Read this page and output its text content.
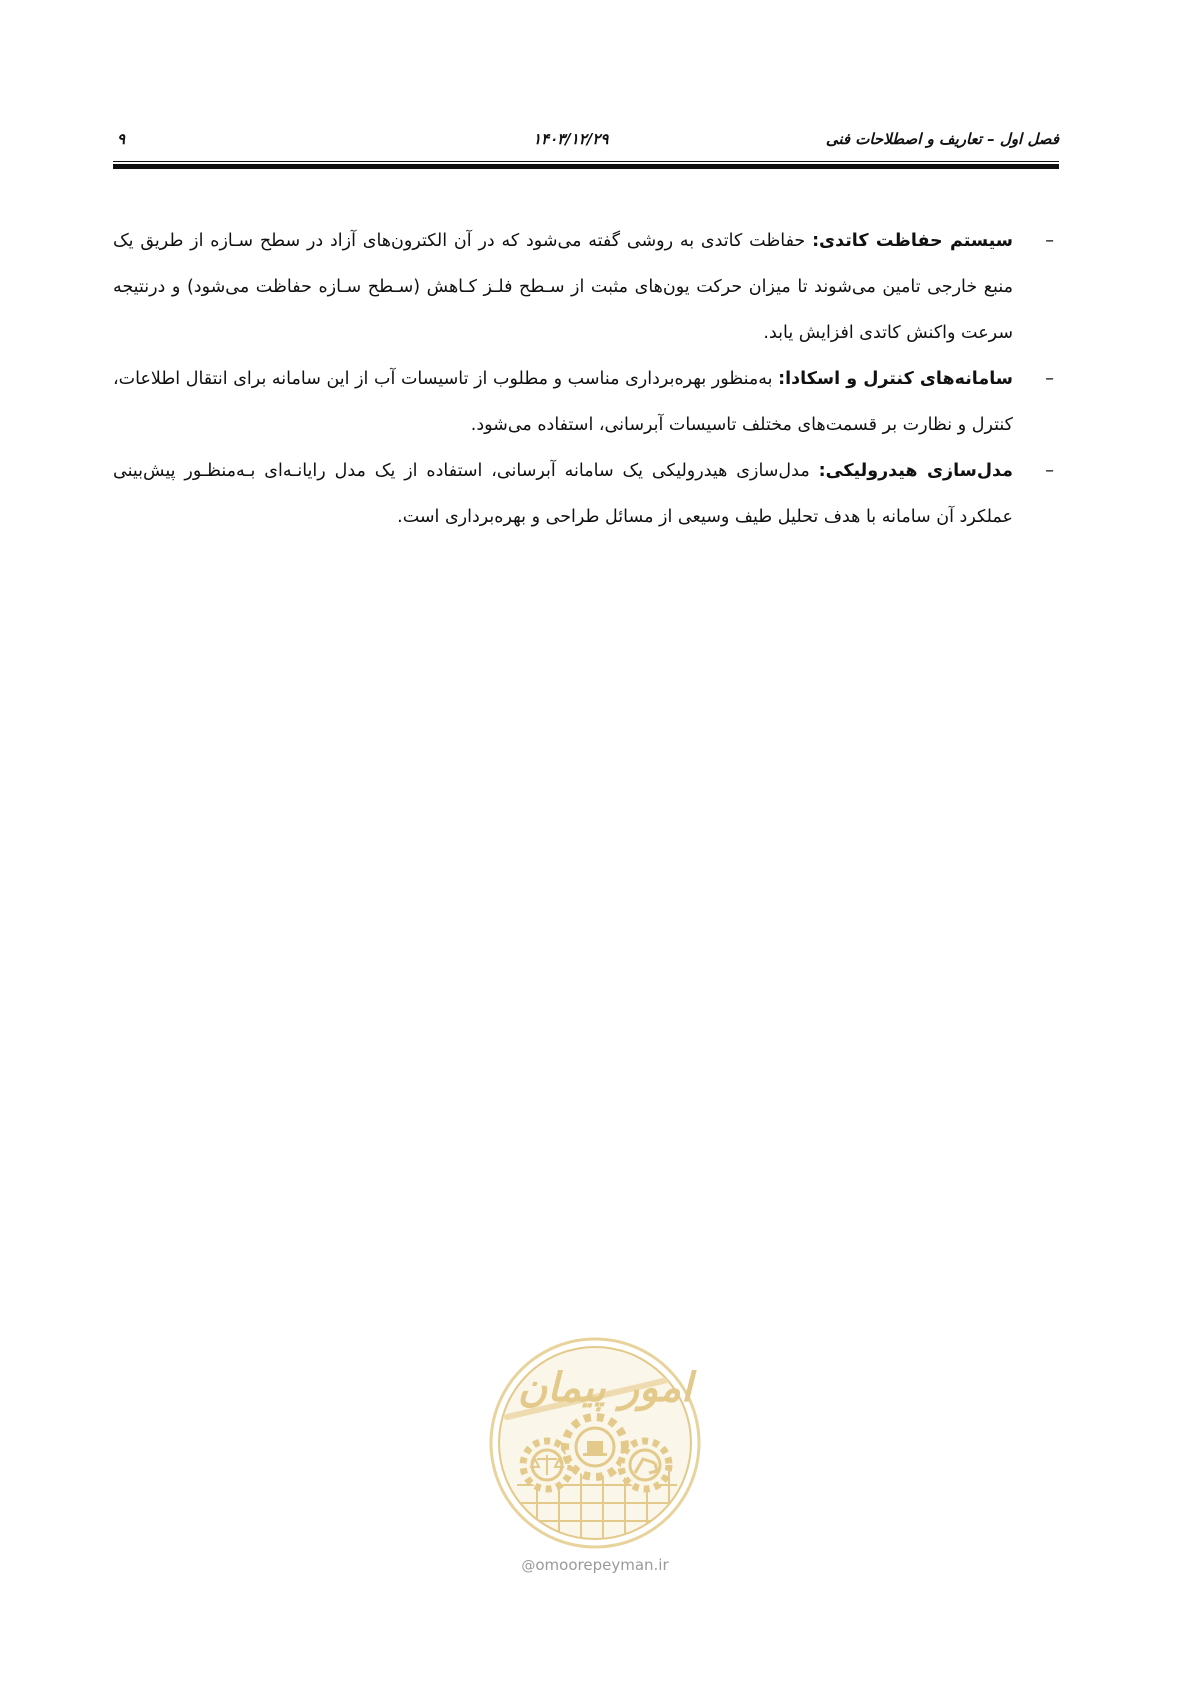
فصل اول – تعاریف و اصطلاحات فنی
۱۴۰۳/۱۲/۲۹
۹
–
سیستم حفاظت کاتدی: حفاظت کاتدی به روشی گفته می‌شود که در آن الکترون‌های آزاد در سطح سـازه از طریق یک منبع خارجی تامین می‌شوند تا میزان حرکت یون‌های مثبت از سـطح فلـز کـاهش (سـطح سـازه حفاظت می‌شود) و درنتیجه سرعت واکنش کاتدی افزایش یابد.
–
سامانه‌های کنترل و اسکادا: به‌منظور بهره‌برداری مناسب و مطلوب از تاسیسات آب از این سامانه برای انتقال اطلاعات، کنترل و نظارت بر قسمت‌های مختلف تاسیسات آبرسانی، استفاده می‌شود.
–
مدل‌سازی هیدرولیکی: مدل‌سازی هیدرولیکی یک سامانه آبرسانی، استفاده از یک مدل رایانـه‌ای بـه‌منظـور پیش‌بینی عملکرد آن سامانه با هدف تحلیل طیف وسیعی از مسائل طراحی و بهره‌برداری است.
امور پیمان
@omoorepeyman.ir
